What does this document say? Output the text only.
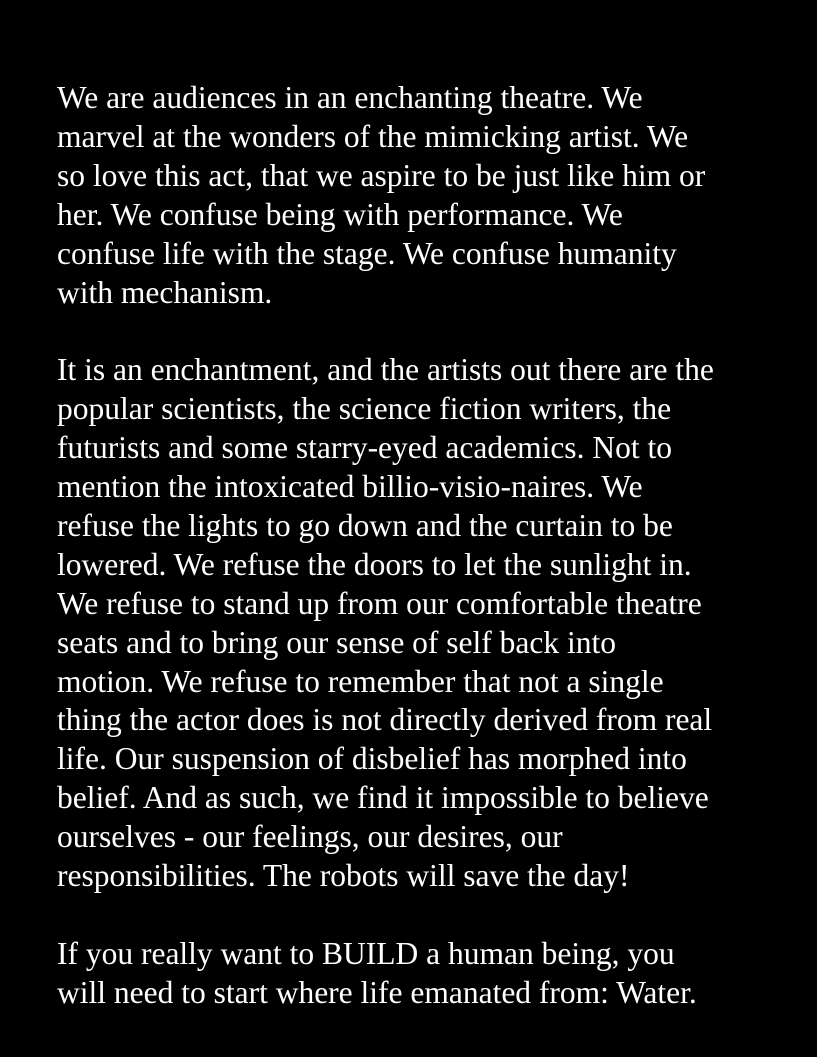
We are audiences in an enchanting theatre. We
marvel at the wonders of the mimicking artist. We
so love this act, that we aspire to be just like him or
her. We confuse being with performance. We
confuse life with the stage. We confuse humanity
with mechanism.

It is an enchantment, and the artists out there are the
popular scientists, the science fiction writers, the
futurists and some starry-eyed academics. Not to
mention the intoxicated billio-visio-naires. We
refuse the lights to go down and the curtain to be
lowered. We refuse the doors to let the sunlight in.
We refuse to stand up from our comfortable theatre
seats and to bring our sense of self back into
motion. We refuse to remember that not a single
thing the actor does is not directly derived from real
life. Our suspension of disbelief has morphed into
belief. And as such, we find it impossible to believe
ourselves - our feelings, our desires, our
responsibilities. The robots will save the day!

If you really want to BUILD a human being, you
will need to start where life emanated from: Water.
